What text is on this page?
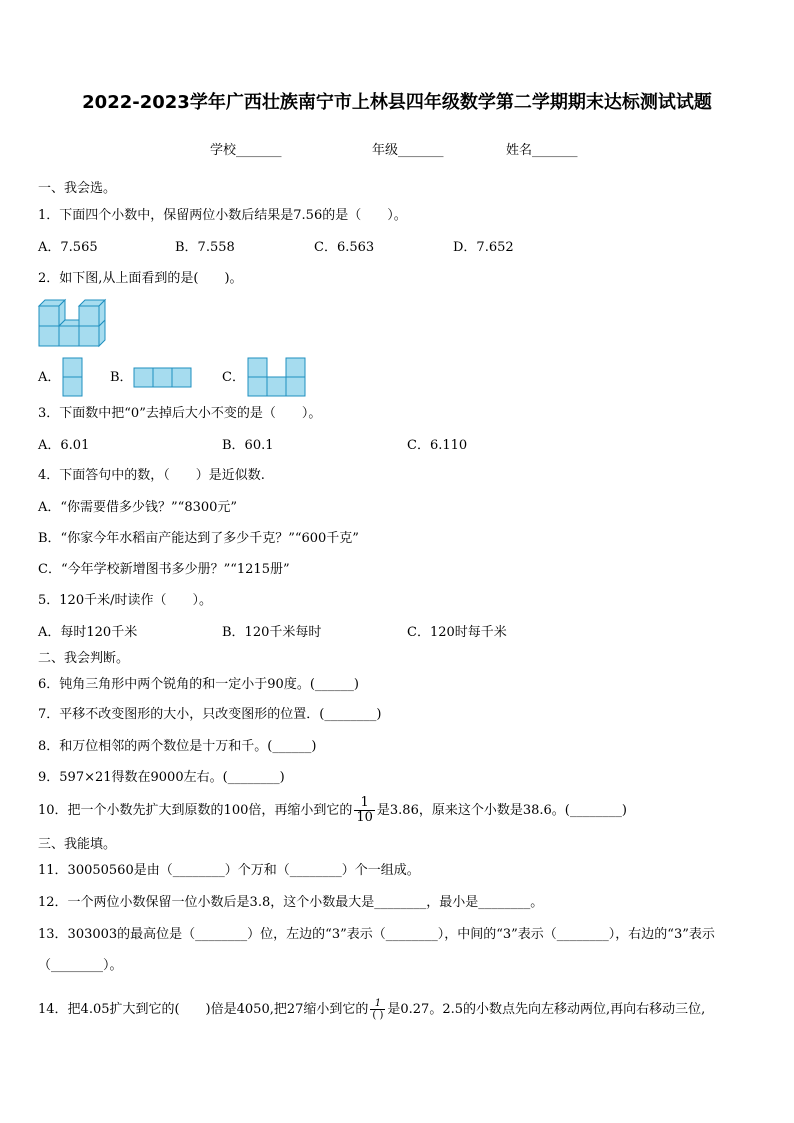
2022-2023学年广西壮族南宁市上林县四年级数学第二学期期末达标测试试题
学校_______	年级_______	姓名_______
一、我会选。
1．下面四个小数中，保留两位小数后结果是7.56的是（　　）。
A．7.565	B．7.558	C．6.563	D．7.652
2．如下图,从上面看到的是(　　)。
A．	B．	C．
3．下面数中把“0”去掉后大小不变的是（　　）。
A．6.01	B．60.1	C．6.110
4．下面答句中的数，（　　）是近似数.
A．“你需要借多少钱？”“8300元”
B．“你家今年水稻亩产能达到了多少千克？”“600千克”
C．“今年学校新增图书多少册？”“1215册”
5．120千米/时读作（　　）。
A．每时120千米	B．120千米每时	C．120时每千米
二、我会判断。
6．钝角三角形中两个锐角的和一定小于90度。(______)
7．平移不改变图形的大小，只改变图形的位置．(________)
8．和万位相邻的两个数位是十万和千。(______)
9．597×21得数在9000左右。(________)
10．把一个小数先扩大到原数的100倍，再缩小到它的 $\frac{1}{10}$ 是3.86，原来这个小数是38.6。(________)
三、我能填。
11．30050560是由（________）个万和（________）个一组成。
12．一个两位小数保留一位小数后是3.8，这个小数最大是________，最小是________。
13．303003的最高位是（________）位，左边的“3”表示（________），中间的“3”表示（________），右边的“3”表示
（________）。
14．把4.05扩大到它的(　　)倍是4050,把27缩小到它的 $\frac{1}{( )}$ 是0.27。2.5的小数点先向左移动两位,再向右移动三位,
